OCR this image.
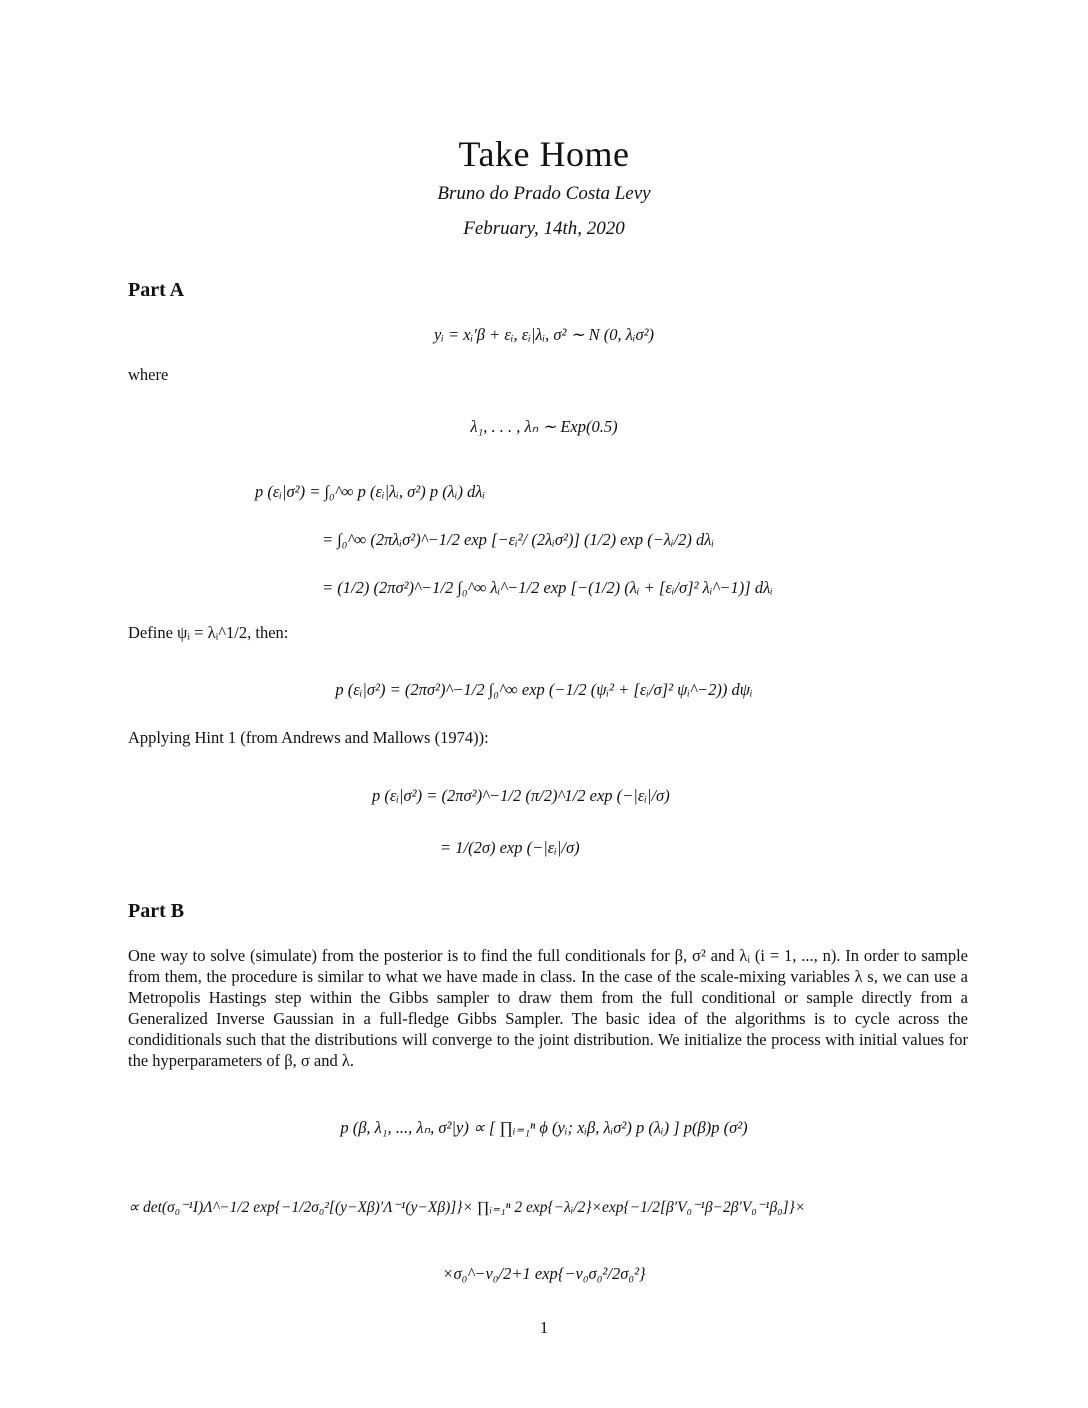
Take Home
Bruno do Prado Costa Levy
February, 14th, 2020
Part A
yᵢ = xᵢ′β + εᵢ, εᵢ|λᵢ, σ² ∼ N (0, λᵢσ²)
where
λ₁, . . . , λₙ ∼ Exp(0.5)
p (εᵢ|σ²) = ∫₀^∞ p (εᵢ|λᵢ, σ²) p (λᵢ) dλᵢ
= ∫₀^∞ (2πλᵢσ²)^−1/2 exp [−εᵢ²/ (2λᵢσ²)] (1/2) exp (−λᵢ/2) dλᵢ
= (1/2) (2πσ²)^−1/2 ∫₀^∞ λᵢ^−1/2 exp [−(1/2) (λᵢ + [εᵢ/σ]² λᵢ^−1)] dλᵢ
Define ψᵢ = λᵢ^1/2, then:
p (εᵢ|σ²) = (2πσ²)^−1/2 ∫₀^∞ exp (−1/2 (ψᵢ² + [εᵢ/σ]² ψᵢ^−2)) dψᵢ
Applying Hint 1 (from Andrews and Mallows (1974)):
p (εᵢ|σ²) = (2πσ²)^−1/2 (π/2)^1/2 exp (−|εᵢ|/σ)
= 1/(2σ) exp (−|εᵢ|/σ)
Part B
One way to solve (simulate) from the posterior is to find the full conditionals for β, σ² and λᵢ (i = 1, ..., n). In order to sample from them, the procedure is similar to what we have made in class. In the case of the scale-mixing variables λ s, we can use a Metropolis Hastings step within the Gibbs sampler to draw them from the full conditional or sample directly from a Generalized Inverse Gaussian in a full-fledge Gibbs Sampler. The basic idea of the algorithms is to cycle across the condiditionals such that the distributions will converge to the joint distribution. We initialize the process with initial values for the hyperparameters of β, σ and λ.
p (β, λ₁, ..., λₙ, σ²|y) ∝ [ ∏ᵢ₌₁ⁿ ϕ (yᵢ; xᵢβ, λᵢσ²) p (λᵢ) ] p(β)p (σ²)
∝ det(σ₀⁻¹I)Λ^−1/2 exp{−1/2σ₀²[(y−Xβ)′Λ⁻¹(y−Xβ)]}× ∏ᵢ₌₁ⁿ 2 exp{−λᵢ/2}×exp{−1/2[β′V₀⁻¹β−2β′V₀⁻¹β₀]}×
×σ₀^−ν₀/2+1 exp{−ν₀σ₀²/2σ₀²}
1
